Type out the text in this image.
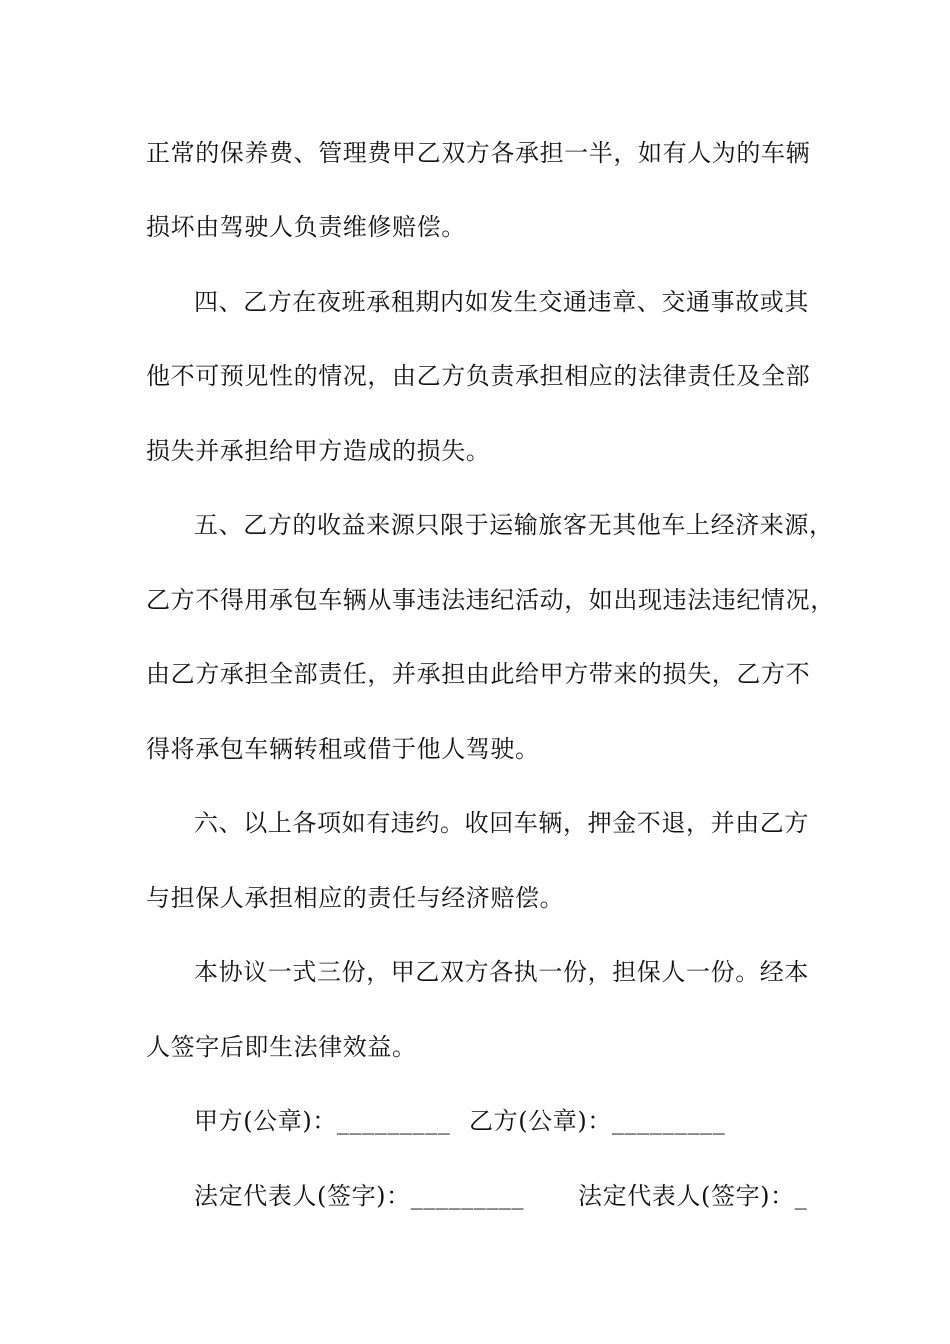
正常的保养费、管理费甲乙双方各承担一半，如有人为的车辆
损坏由驾驶人负责维修赔偿。
四、乙方在夜班承租期内如发生交通违章、交通事故或其
他不可预见性的情况，由乙方负责承担相应的法律责任及全部
损失并承担给甲方造成的损失。
五、乙方的收益来源只限于运输旅客无其他车上经济来源，
乙方不得用承包车辆从事违法违纪活动，如出现违法违纪情况，
由乙方承担全部责任，并承担由此给甲方带来的损失，乙方不
得将承包车辆转租或借于他人驾驶。
六、以上各项如有违约。收回车辆，押金不退，并由乙方
与担保人承担相应的责任与经济赔偿。
本协议一式三份，甲乙双方各执一份，担保人一份。经本
人签字后即生法律效益。
甲方(公章)：_________ 乙方(公章)：_________
法定代表人(签字)：_________ 法定代表人(签字)：_
